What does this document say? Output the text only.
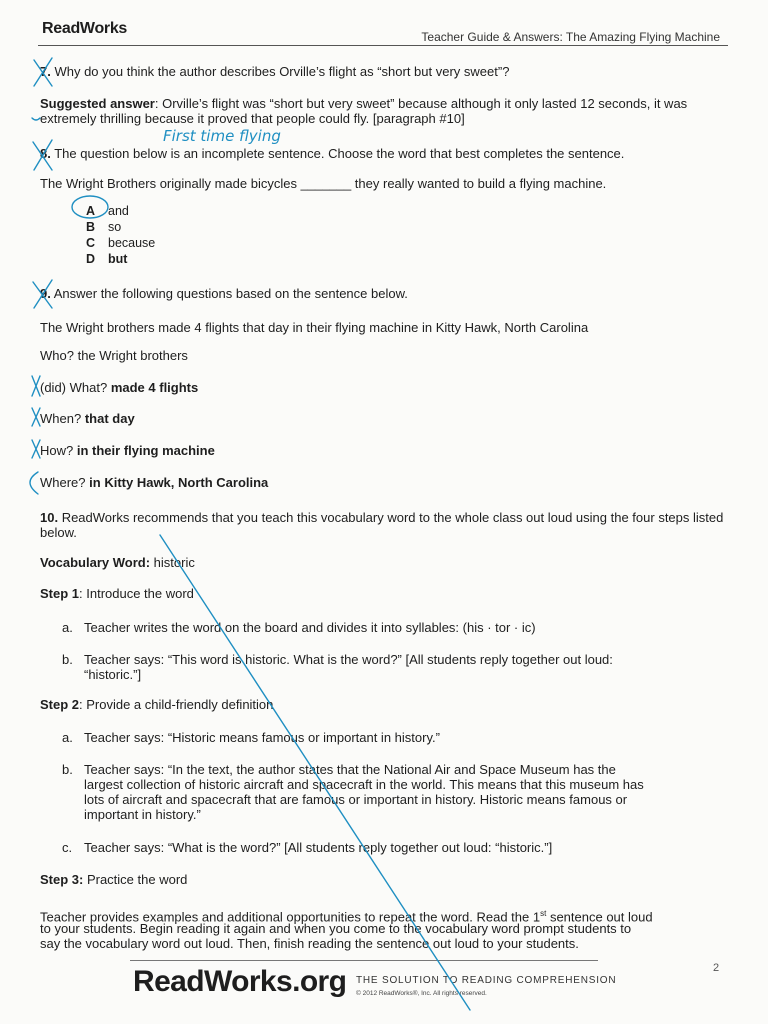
ReadWorks	Teacher Guide & Answers: The Amazing Flying Machine
7. Why do you think the author describes Orville’s flight as “short but very sweet”?
Suggested answer: Orville’s flight was “short but very sweet” because although it only lasted 12 seconds, it was extremely thrilling because it proved that people could fly. [paragraph #10]
8. The question below is an incomplete sentence. Choose the word that best completes the sentence.
The Wright Brothers originally made bicycles _______ they really wanted to build a flying machine.
A and
B so
C because
D but
9. Answer the following questions based on the sentence below.
The Wright brothers made 4 flights that day in their flying machine in Kitty Hawk, North Carolina
Who? the Wright brothers
(did) What? made 4 flights
When? that day
How? in their flying machine
Where? in Kitty Hawk, North Carolina
10. ReadWorks recommends that you teach this vocabulary word to the whole class out loud using the four steps listed below.
Vocabulary Word: historic
Step 1: Introduce the word
a. Teacher writes the word on the board and divides it into syllables: (his · tor · ic)
b. Teacher says: “This word is historic. What is the word?” [All students reply together out loud:
“historic.”]
Step 2: Provide a child-friendly definition
a. Teacher says: “Historic means famous or important in history.”
b. Teacher says: “In the text, the author states that the National Air and Space Museum has the
largest collection of historic aircraft and spacecraft in the world. This means that this museum has
lots of aircraft and spacecraft that are famous or important in history. Historic means famous or
important in history.”
c. Teacher says: “What is the word?” [All students reply together out loud: “historic.”]
Step 3: Practice the word
Teacher provides examples and additional opportunities to repeat the word. Read the 1st sentence out loud
to your students. Begin reading it again and when you come to the vocabulary word prompt students to
say the vocabulary word out loud. Then, finish reading the sentence out loud to your students.
ReadWorks.org THE SOLUTION TO READING COMPREHENSION
© 2012 ReadWorks®, Inc. All rights reserved.
2
First time flying
